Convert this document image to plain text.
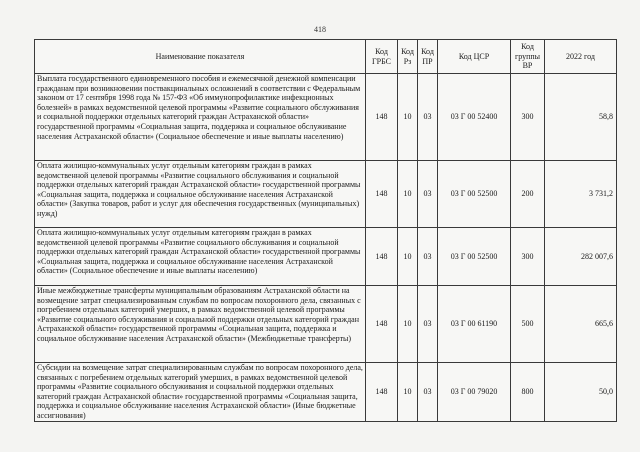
418
Наименование показателя	Код ГРБС	Код Рз	Код ПР	Код ЦСР	Код группы ВР	2022 год
Выплата государственного единовременного пособия и ежемесячной денежной компенсации гражданам при возникновении поствакцинальных осложнений в соответствии с Федеральным законом от 17 сентября 1998 года № 157-ФЗ «Об иммунопрофилактике инфекционных болезней» в рамках ведомственной целевой программы «Развитие социального обслуживания и социальной поддержки отдельных категорий граждан Астраханской области» государственной программы «Социальная защита, поддержка и социальное обслуживание населения Астраханской области» (Социальное обеспечение и иные выплаты населению)	148	10	03	03 Г 00 52400	300	58,8
Оплата жилищно-коммунальных услуг отдельным категориям граждан в рамках ведомственной целевой программы «Развитие социального обслуживания и социальной поддержки отдельных категорий граждан Астраханской области» государственной программы «Социальная защита, поддержка и социальное обслуживание населения Астраханской области» (Закупка товаров, работ и услуг для обеспечения государственных (муниципальных) нужд)	148	10	03	03 Г 00 52500	200	3 731,2
Оплата жилищно-коммунальных услуг отдельным категориям граждан в рамках ведомственной целевой программы «Развитие социального обслуживания и социальной поддержки отдельных категорий граждан Астраханской области» государственной программы «Социальная защита, поддержка и социальное обслуживание населения Астраханской области» (Социальное обеспечение и иные выплаты населению)	148	10	03	03 Г 00 52500	300	282 007,6
Иные межбюджетные трансферты муниципальным образованиям Астраханской области на возмещение затрат специализированным службам по вопросам похоронного дела, связанных с погребением отдельных категорий умерших, в рамках ведомственной целевой программы «Развитие социального обслуживания и социальной поддержки отдельных категорий граждан Астраханской области» государственной программы «Социальная защита, поддержка и социальное обслуживание населения Астраханской области» (Межбюджетные трансферты)	148	10	03	03 Г 00 61190	500	665,6
Субсидии на возмещение затрат специализированным службам по вопросам похоронного дела, связанных с погребением отдельных категорий умерших, в рамках ведомственной целевой программы «Развитие социального обслуживания и социальной поддержки отдельных категорий граждан Астраханской области» государственной программы «Социальная защита, поддержка и социальное обслуживание населения Астраханской области» (Иные бюджетные ассигнования)	148	10	03	03 Г 00 79020	800	50,0
